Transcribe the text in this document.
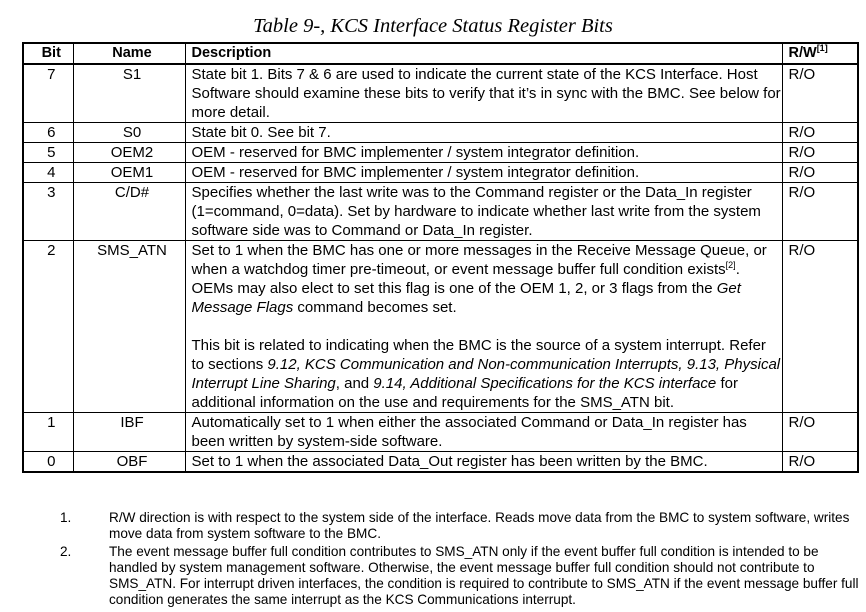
Table 9-, KCS Interface Status Register Bits
Bit	Name	Description	R/W[1]
7	S1	State bit 1. Bits 7 & 6 are used to indicate the current state of the KCS Interface. Host Software should examine these bits to verify that it’s in sync with the BMC. See below for more detail.	R/O
6	S0	State bit 0. See bit 7.	R/O
5	OEM2	OEM - reserved for BMC implementer / system integrator definition.	R/O
4	OEM1	OEM - reserved for BMC implementer / system integrator definition.	R/O
3	C/D#	Specifies whether the last write was to the Command register or the Data_In register (1=command, 0=data). Set by hardware to indicate whether last write from the system software side was to Command or Data_In register.	R/O
2	SMS_ATN	Set to 1 when the BMC has one or more messages in the Receive Message Queue, or when a watchdog timer pre-timeout, or event message buffer full condition exists[2]. OEMs may also elect to set this flag is one of the OEM 1, 2, or 3 flags from the Get Message Flags command becomes set.
This bit is related to indicating when the BMC is the source of a system interrupt. Refer to sections 9.12, KCS Communication and Non-communication Interrupts, 9.13, Physical Interrupt Line Sharing, and 9.14, Additional Specifications for the KCS interface for additional information on the use and requirements for the SMS_ATN bit.	R/O
1	IBF	Automatically set to 1 when either the associated Command or Data_In register has been written by system-side software.	R/O
0	OBF	Set to 1 when the associated Data_Out register has been written by the BMC.	R/O
1.	R/W direction is with respect to the system side of the interface. Reads move data from the BMC to system software, writes move data from system software to the BMC.
2.	The event message buffer full condition contributes to SMS_ATN only if the event buffer full condition is intended to be handled by system management software. Otherwise, the event message buffer full condition should not contribute to SMS_ATN. For interrupt driven interfaces, the condition is required to contribute to SMS_ATN if the event message buffer full condition generates the same interrupt as the KCS Communications interrupt.
